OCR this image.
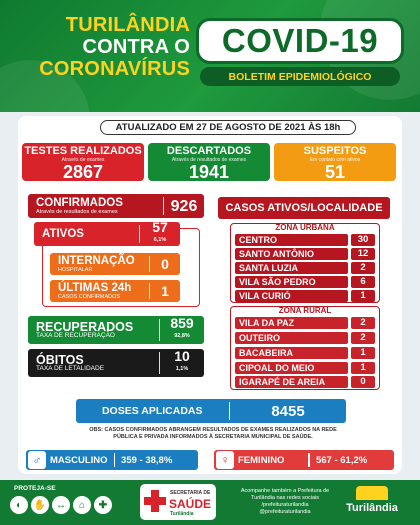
TURILÂNDIA
CONTRA O
CORONAVÍRUS
COVID-19
BOLETIM EPIDEMIOLÓGICO
ATUALIZADO EM 27 DE AGOSTO DE 2021 ÀS 18h
TESTES REALIZADOS
Através de exames
2867
DESCARTADOS
Através de resultados de exames
1941
SUSPEITOS
Em contato com ativos
51
CONFIRMADOS
Através de resultados de exames	926
ATIVOS	57
6,1%
INTERNAÇÃO
HOSPITALAR	0
ÚLTIMAS 24h
CASOS CONFIRMADOS	1
RECUPERADOS
TAXA DE RECUPERAÇÃO
859
92,8%
ÓBITOS
TAXA DE LETALIDADE
10
1,1%
CASOS ATIVOS/LOCALIDADE
ZONA URBANA
CENTRO	30
SANTO ANTÔNIO	12
SANTA LUZIA	2
VILA SÃO PEDRO	6
VILA CURIÓ	1
ZONA RURAL
VILA DA PAZ	2
OUTEIRO	2
BACABEIRA	1
CIPOAL DO MEIO	1
IGARAPÉ DE AREIA	0
DOSES APLICADAS	8455
OBS: CASOS CONFIRMADOS ABRANGEM RESULTADOS DE EXAMES REALIZADOS NA REDE PÚBLICA E PRIVADA INFORMADOS À SECRETARIA MUNICIPAL DE SAÚDE.
♂ MASCULINO 359 - 38,8%	♀ FEMININO	567 - 61,2%
PROTEJA-SE
◐	✋ ↔	⌂	✚
SECRETARIA DE
SAÚDE
Turilândia
Acompanhe também a Prefeitura de Turilândia nas redes sociais
/prefeituraturilandia
@prefeituraturilandia	Turilândia
